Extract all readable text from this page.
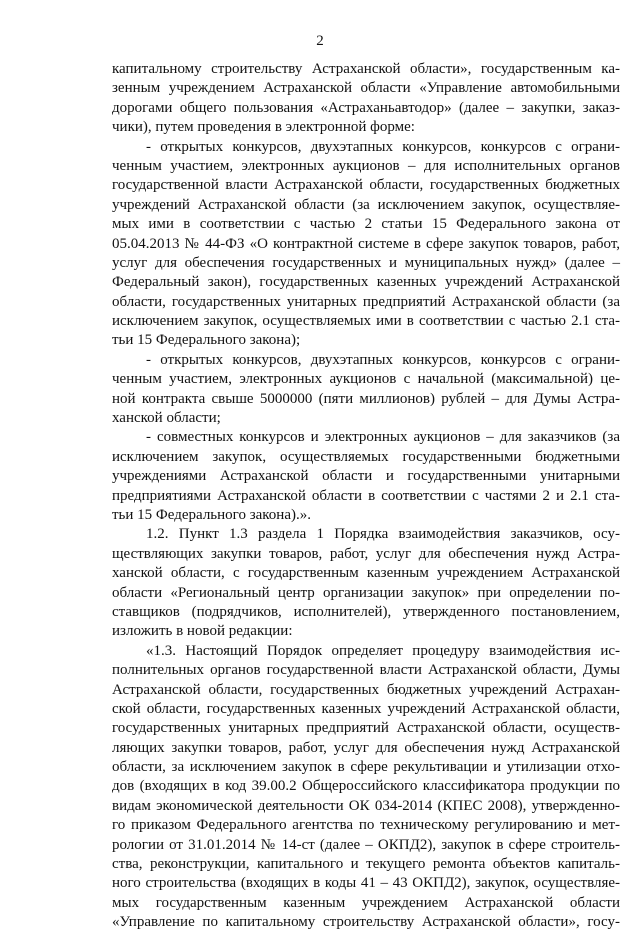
2
капитальному строительству Астраханской области», государственным ка-
зенным учреждением Астраханской области «Управление автомобильными
дорогами общего пользования «Астраханьавтодор» (далее – закупки, заказ-
чики), путем проведения в электронной форме:
- открытых конкурсов, двухэтапных конкурсов, конкурсов с ограни-
ченным участием, электронных аукционов – для исполнительных органов
государственной власти Астраханской области, государственных бюджетных
учреждений Астраханской области (за исключением закупок, осуществляе-
мых ими в соответствии с частью 2 статьи 15 Федерального закона от
05.04.2013 № 44-ФЗ «О контрактной системе в сфере закупок товаров, работ,
услуг для обеспечения государственных и муниципальных нужд» (далее –
Федеральный закон), государственных казенных учреждений Астраханской
области, государственных унитарных предприятий Астраханской области (за
исключением закупок, осуществляемых ими в соответствии с частью 2.1 ста-
тьи 15 Федерального закона);
- открытых конкурсов, двухэтапных конкурсов, конкурсов с ограни-
ченным участием, электронных аукционов с начальной (максимальной) це-
ной контракта свыше 5000000 (пяти миллионов) рублей – для Думы Астра-
ханской области;
- совместных конкурсов и электронных аукционов – для заказчиков (за
исключением закупок, осуществляемых государственными бюджетными
учреждениями Астраханской области и государственными унитарными
предприятиями Астраханской области в соответствии с частями 2 и 2.1 ста-
тьи 15 Федерального закона).».
1.2. Пункт 1.3 раздела 1 Порядка взаимодействия заказчиков, осу-
ществляющих закупки товаров, работ, услуг для обеспечения нужд Астра-
ханской области, с государственным казенным учреждением Астраханской
области «Региональный центр организации закупок» при определении по-
ставщиков (подрядчиков, исполнителей), утвержденного постановлением,
изложить в новой редакции:
«1.3. Настоящий Порядок определяет процедуру взаимодействия ис-
полнительных органов государственной власти Астраханской области, Думы
Астраханской области, государственных бюджетных учреждений Астрахан-
ской области, государственных казенных учреждений Астраханской области,
государственных унитарных предприятий Астраханской области, осуществ-
ляющих закупки товаров, работ, услуг для обеспечения нужд Астраханской
области, за исключением закупок в сфере рекультивации и утилизации отхо-
дов (входящих в код 39.00.2 Общероссийского классификатора продукции по
видам экономической деятельности ОК 034-2014 (КПЕС 2008), утвержденно-
го приказом Федерального агентства по техническому регулированию и мет-
рологии от 31.01.2014 № 14-ст (далее – ОКПД2), закупок в сфере строитель-
ства, реконструкции, капитального и текущего ремонта объектов капиталь-
ного строительства (входящих в коды 41 – 43 ОКПД2), закупок, осуществляе-
мых государственным казенным учреждением Астраханской области
«Управление по капитальному строительству Астраханской области», госу-
